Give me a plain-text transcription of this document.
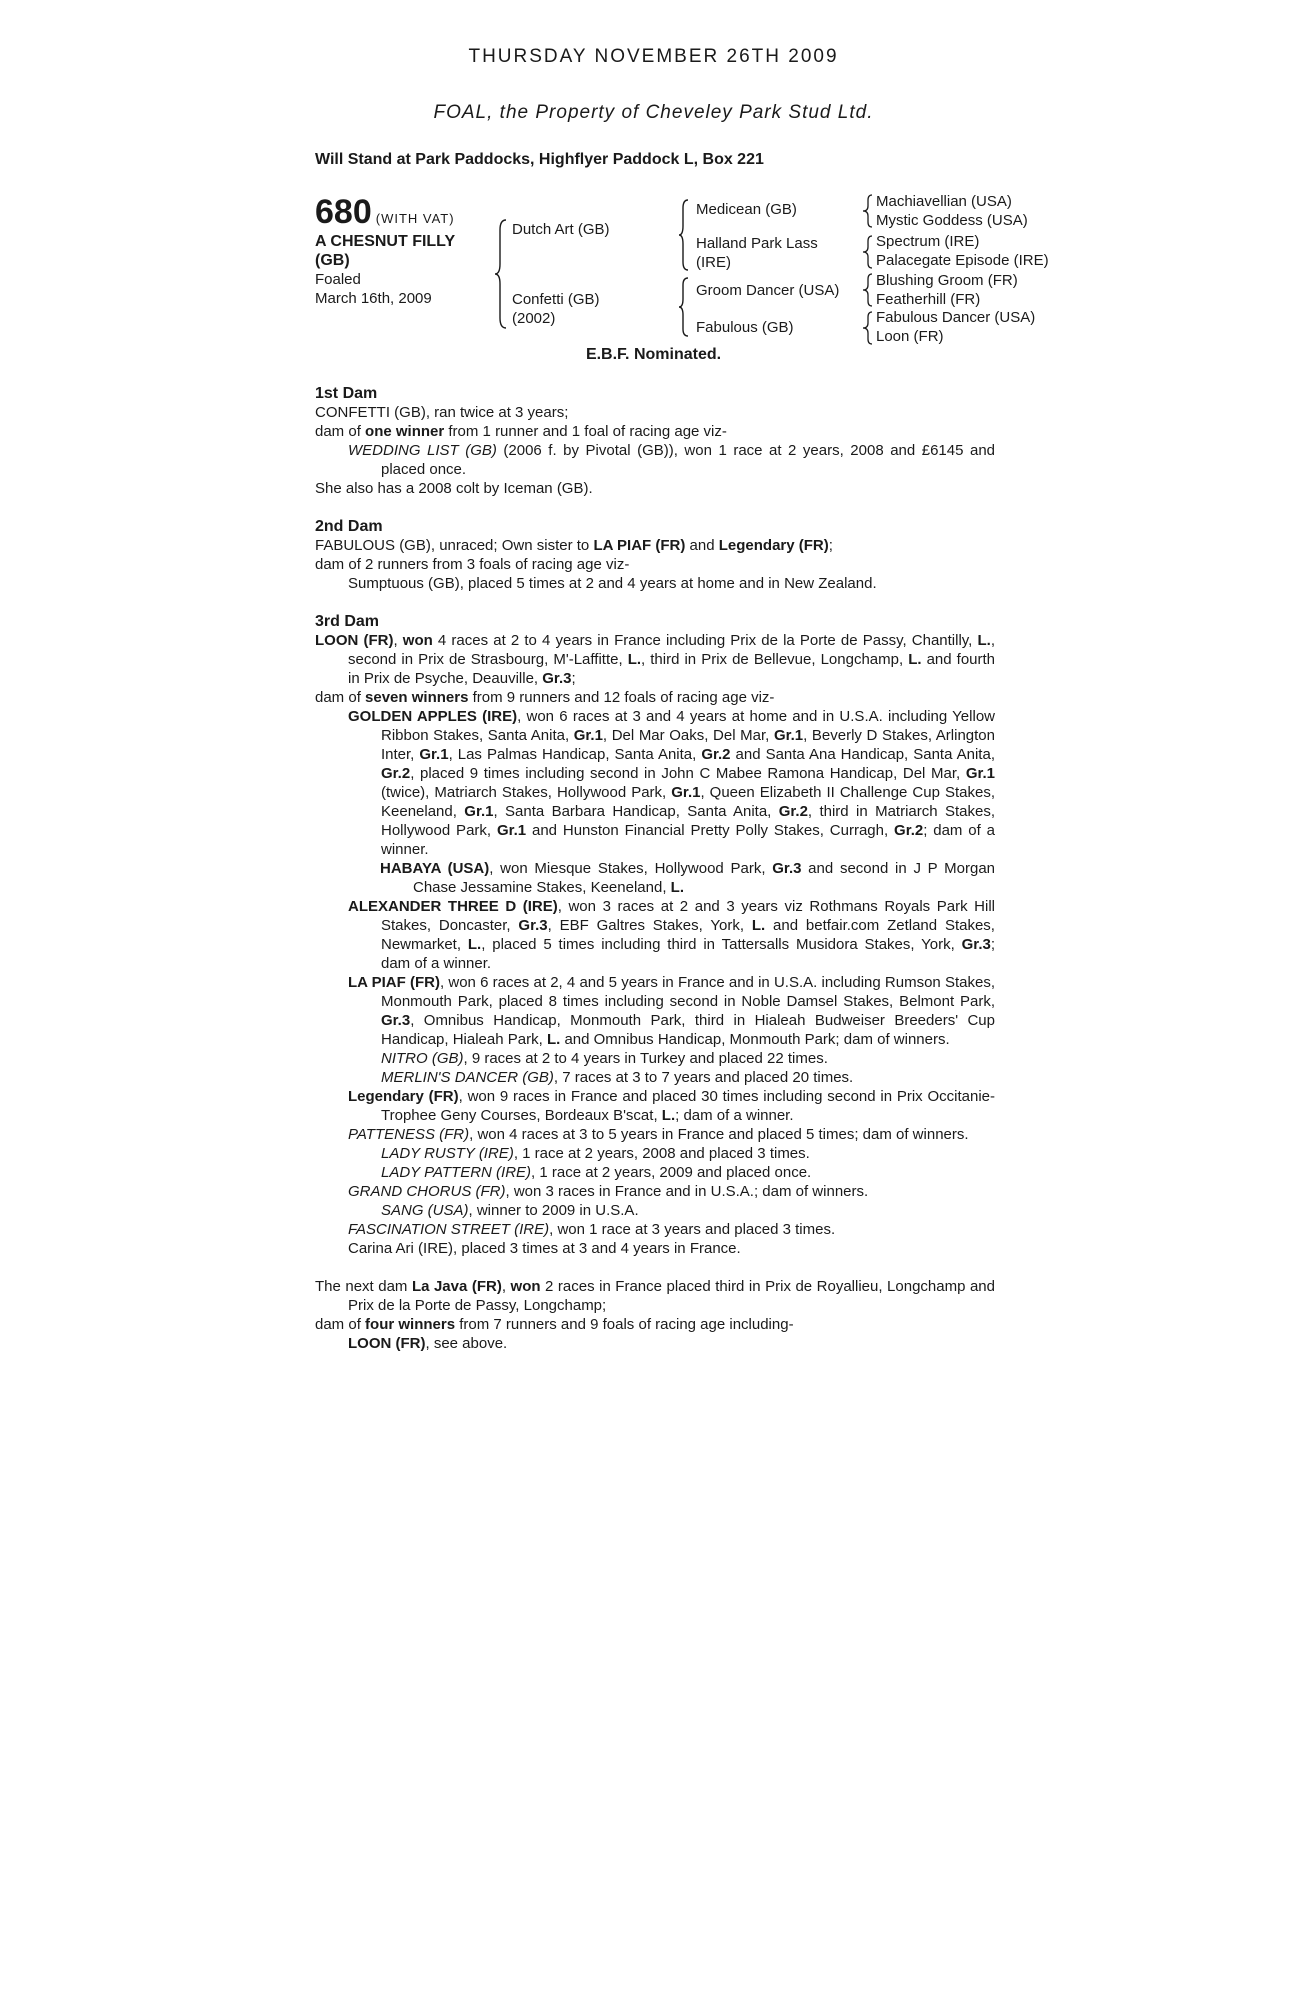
THURSDAY NOVEMBER 26TH 2009
FOAL, the Property of Cheveley Park Stud Ltd.
Will Stand at Park Paddocks, Highflyer Paddock L, Box 221
680 (WITH VAT)
A CHESNUT FILLY
(GB)
Foaled
March 16th, 2009
Dutch Art (GB)
Confetti (GB)
(2002)
Medicean (GB)
Halland Park Lass
(IRE)
Groom Dancer (USA)
Fabulous (GB)
Machiavellian (USA)
Mystic Goddess (USA)
Spectrum (IRE)
Palacegate Episode (IRE)
Blushing Groom (FR)
Featherhill (FR)
Fabulous Dancer (USA)
Loon (FR)
E.B.F. Nominated.

1st Dam

CONFETTI (GB), ran twice at 3 years;

dam of one winner from 1 runner and 1 foal of racing age viz-

WEDDING LIST (GB) (2006 f. by Pivotal (GB)), won 1 race at 2 years, 2008 and £6145 and placed once.

She also has a 2008 colt by Iceman (GB).

2nd Dam

FABULOUS (GB), unraced; Own sister to LA PIAF (FR) and Legendary (FR);

dam of 2 runners from 3 foals of racing age viz-

Sumptuous (GB), placed 5 times at 2 and 4 years at home and in New Zealand.

3rd Dam

LOON (FR), won 4 races at 2 to 4 years in France including Prix de la Porte de Passy, Chantilly, L., second in Prix de Strasbourg, M'-Laffitte, L., third in Prix de Bellevue, Longchamp, L. and fourth in Prix de Psyche, Deauville, Gr.3;

dam of seven winners from 9 runners and 12 foals of racing age viz-

GOLDEN APPLES (IRE), won 6 races at 3 and 4 years at home and in U.S.A. including Yellow Ribbon Stakes, Santa Anita, Gr.1, Del Mar Oaks, Del Mar, Gr.1, Beverly D Stakes, Arlington Inter, Gr.1, Las Palmas Handicap, Santa Anita, Gr.2 and Santa Ana Handicap, Santa Anita, Gr.2, placed 9 times including second in John C Mabee Ramona Handicap, Del Mar, Gr.1 (twice), Matriarch Stakes, Hollywood Park, Gr.1, Queen Elizabeth II Challenge Cup Stakes, Keeneland, Gr.1, Santa Barbara Handicap, Santa Anita, Gr.2, third in Matriarch Stakes, Hollywood Park, Gr.1 and Hunston Financial Pretty Polly Stakes, Curragh, Gr.2; dam of a winner.

HABAYA (USA), won Miesque Stakes, Hollywood Park, Gr.3 and second in J P Morgan Chase Jessamine Stakes, Keeneland, L.

ALEXANDER THREE D (IRE), won 3 races at 2 and 3 years viz Rothmans Royals Park Hill Stakes, Doncaster, Gr.3, EBF Galtres Stakes, York, L. and betfair.com Zetland Stakes, Newmarket, L., placed 5 times including third in Tattersalls Musidora Stakes, York, Gr.3; dam of a winner.

LA PIAF (FR), won 6 races at 2, 4 and 5 years in France and in U.S.A. including Rumson Stakes, Monmouth Park, placed 8 times including second in Noble Damsel Stakes, Belmont Park, Gr.3, Omnibus Handicap, Monmouth Park, third in Hialeah Budweiser Breeders' Cup Handicap, Hialeah Park, L. and Omnibus Handicap, Monmouth Park; dam of winners.

NITRO (GB), 9 races at 2 to 4 years in Turkey and placed 22 times.

MERLIN'S DANCER (GB), 7 races at 3 to 7 years and placed 20 times.

Legendary (FR), won 9 races in France and placed 30 times including second in Prix Occitanie-Trophee Geny Courses, Bordeaux B'scat, L.; dam of a winner.

PATTENESS (FR), won 4 races at 3 to 5 years in France and placed 5 times; dam of winners.

LADY RUSTY (IRE), 1 race at 2 years, 2008 and placed 3 times.

LADY PATTERN (IRE), 1 race at 2 years, 2009 and placed once.

GRAND CHORUS (FR), won 3 races in France and in U.S.A.; dam of winners.

SANG (USA), winner to 2009 in U.S.A.

FASCINATION STREET (IRE), won 1 race at 3 years and placed 3 times.

Carina Ari (IRE), placed 3 times at 3 and 4 years in France.

The next dam La Java (FR), won 2 races in France placed third in Prix de Royallieu, Longchamp and Prix de la Porte de Passy, Longchamp;

dam of four winners from 7 runners and 9 foals of racing age including-

LOON (FR), see above.
